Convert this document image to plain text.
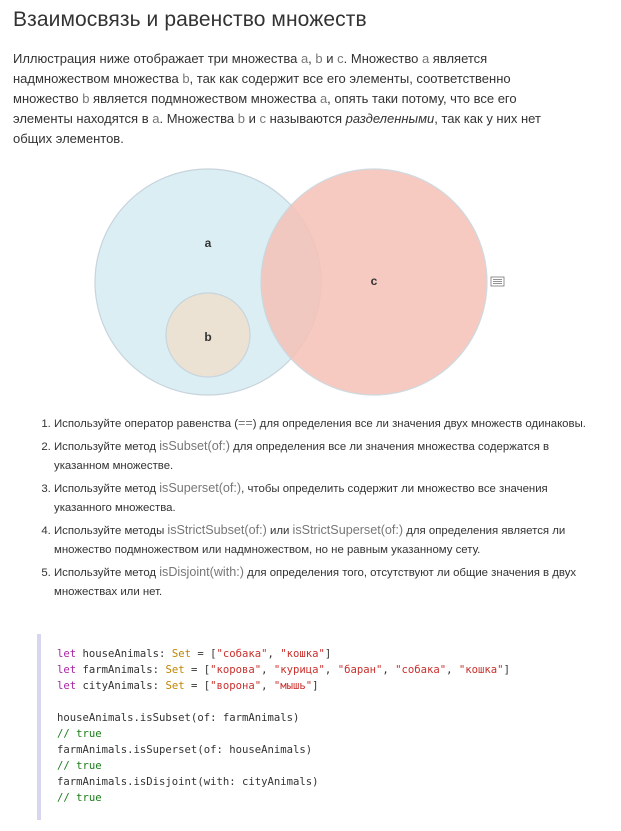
Взаимосвязь и равенство множеств

Иллюстрация ниже отображает три множества a, b и c. Множество a является надмножеством множества b, так как содержит все его элементы, соответственно множество b является подмножеством множества a, опять таки потому, что все его элементы находятся в a. Множества b и c называются разделенными, так как у них нет общих элементов.

a
b
c
1. Используйте оператор равенства (==) для определения все ли значения двух множеств одинаковы.
2. Используйте метод isSubset(of:) для определения все ли значения множества содержатся в указанном множестве.
3. Используйте метод isSuperset(of:), чтобы определить содержит ли множество все значения указанного множества.
4. Используйте методы isStrictSubset(of:) или isStrictSuperset(of:) для определения является ли множество подмножеством или надмножеством, но не равным указанному сету.
5. Используйте метод isDisjoint(with:) для определения того, отсутствуют ли общие значения в двух множествах или нет.
let houseAnimals: Set = ["собака", "кошка"]
let farmAnimals: Set = ["корова", "курица", "баран", "собака", "кошка"]
let cityAnimals: Set = ["ворона", "мышь"]

houseAnimals.isSubset(of: farmAnimals)
// true
farmAnimals.isSuperset(of: houseAnimals)
// true
farmAnimals.isDisjoint(with: cityAnimals)
// true
